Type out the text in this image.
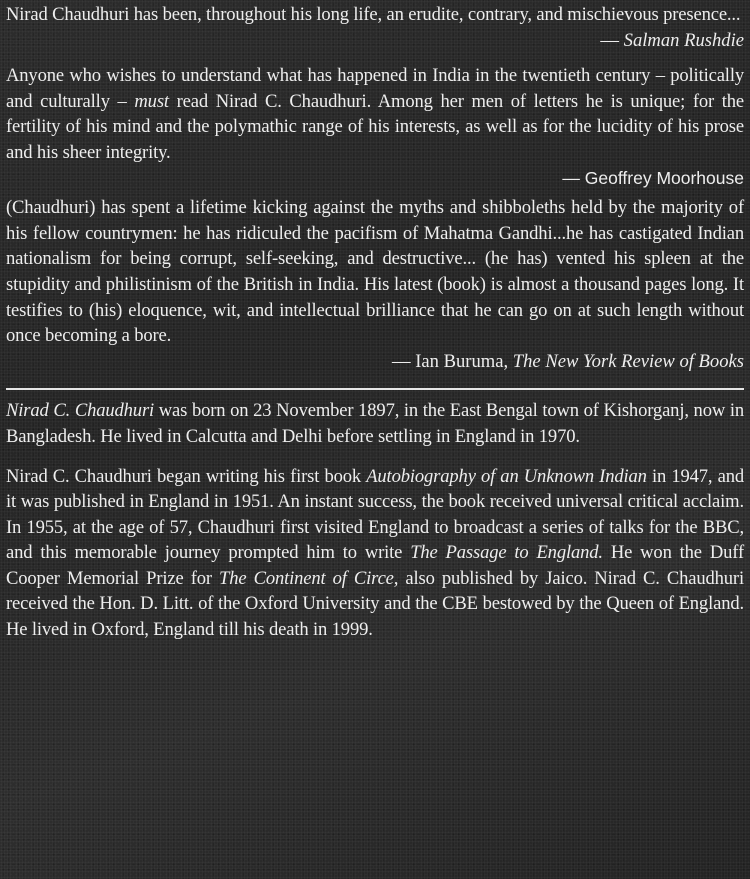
Nirad Chaudhuri has been, throughout his long life, an erudite, contrary, and mischievous presence...

— Salman Rushdie

Anyone who wishes to understand what has happened in India in the twentieth century – politically and culturally – must read Nirad C. Chaudhuri. Among her men of letters he is unique; for the fertility of his mind and the polymathic range of his interests, as well as for the lucidity of his prose and his sheer integrity.

— Geoffrey Moorhouse

(Chaudhuri) has spent a lifetime kicking against the myths and shibboleths held by the majority of his fellow countrymen: he has ridiculed the pacifism of Mahatma Gandhi...he has castigated Indian nationalism for being corrupt, self-seeking, and destructive... (he has) vented his spleen at the stupidity and philistinism of the British in India. His latest (book) is almost a thousand pages long. It testifies to (his) eloquence, wit, and intellectual brilliance that he can go on at such length without once becoming a bore.

— Ian Buruma, The New York Review of Books

Nirad C. Chaudhuri was born on 23 November 1897, in the East Bengal town of Kishorganj, now in Bangladesh. He lived in Calcutta and Delhi before settling in England in 1970.

Nirad C. Chaudhuri began writing his first book Autobiography of an Unknown Indian in 1947, and it was published in England in 1951. An instant success, the book received universal critical acclaim. In 1955, at the age of 57, Chaudhuri first visited England to broadcast a series of talks for the BBC, and this memorable journey prompted him to write The Passage to England. He won the Duff Cooper Memorial Prize for The Continent of Circe, also published by Jaico. Nirad C. Chaudhuri received the Hon. D. Litt. of the Oxford University and the CBE bestowed by the Queen of England. He lived in Oxford, England till his death in 1999.
